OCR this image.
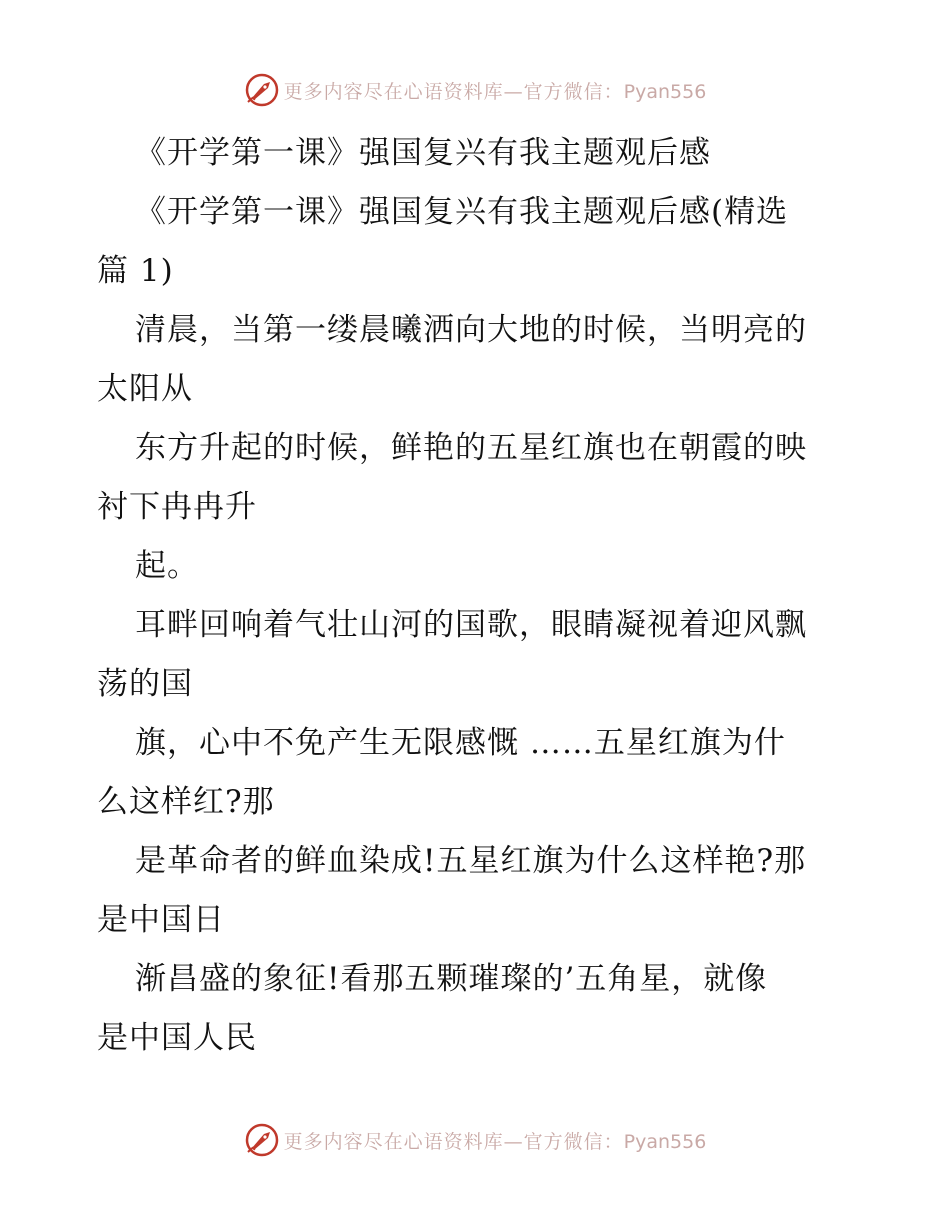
更多内容尽在心语资料库—官方微信：Pyan556
《开学第一课》强国复兴有我主题观后感
《开学第一课》强国复兴有我主题观后感(精选
篇 1)
清晨，当第一缕晨曦洒向大地的时候，当明亮的
太阳从
东方升起的时候，鲜艳的五星红旗也在朝霞的映
衬下冉冉升
起。
耳畔回响着气壮山河的国歌，眼睛凝视着迎风飘
荡的国
旗，心中不免产生无限感慨 ……五星红旗为什
么这样红?那
是革命者的鲜血染成!五星红旗为什么这样艳?那
是中国日
渐昌盛的象征!看那五颗璀璨的’五角星，就像
是中国人民
更多内容尽在心语资料库—官方微信：Pyan556
